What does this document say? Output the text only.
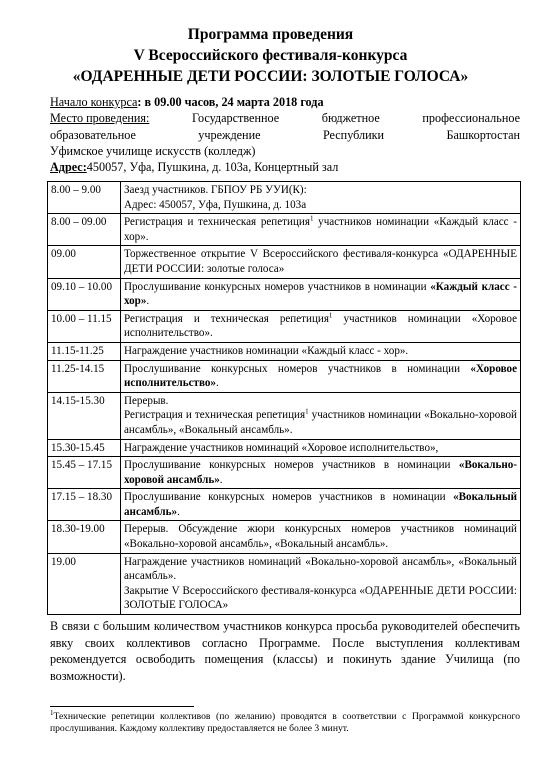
Программа проведения
V Всероссийского фестиваля-конкурса
«ОДАРЕННЫЕ ДЕТИ РОССИИ: ЗОЛОТЫЕ ГОЛОСА»
Начало конкурса: в 09.00 часов, 24 марта 2018 года
Место проведения:	Государственное	бюджетное	профессиональное
образовательное	учреждение	Республики	Башкортостан
Уфимское училище искусств (колледж)
Адрес:450057, Уфа, Пушкина, д. 103а, Концертный зал
8.00 – 9.00	Заезд участников. ГБПОУ РБ УУИ(К):
Адрес: 450057, Уфа, Пушкина, д. 103а

8.00 – 09.00	Регистрация и техническая репетиция$^1$ участников номинации «Каждый класс - хор».
09.00	Торжественное открытие V Всероссийского фестиваля-конкурса «ОДАРЕННЫЕ ДЕТИ РОССИИ: золотые голоса»
09.10 – 10.00	Прослушивание конкурсных номеров участников в номинации «Каждый класс - хор».
10.00 – 11.15	Регистрация и техническая репетиция$^1$ участников номинации «Хоровое исполнительство».
11.15-11.25	Награждение участников номинации «Каждый класс - хор».
11.25-14.15	Прослушивание конкурсных номеров участников в номинации «Хоровое исполнительство».
14.15-15.30	Перерыв.
Регистрация и техническая репетиция$^1$ участников номинации «Вокально-хоровой ансамбль», «Вокальный ансамбль».

15.30-15.45	Награждение участников номинаций «Хоровое исполнительство»,
15.45 – 17.15	Прослушивание конкурсных номеров участников в номинации «Вокально-хоровой ансамбль».
17.15 – 18.30	Прослушивание конкурсных номеров участников в номинации «Вокальный ансамбль».
18.30-19.00	Перерыв. Обсуждение жюри конкурсных номеров участников номинаций «Вокально-хоровой ансамбль», «Вокальный ансамбль».
19.00	Награждение участников номинаций «Вокально-хоровой ансамбль», «Вокальный ансамбль».
Закрытие V Всероссийского фестиваля-конкурса «ОДАРЕННЫЕ ДЕТИ РОССИИ: ЗОЛОТЫЕ ГОЛОСА»
В связи с большим количеством участников конкурса просьба руководителей обеспечить явку своих коллективов согласно Программе. После выступления коллективам рекомендуется освободить помещения (классы) и покинуть здание Училища (по возможности).
$^1$Технические репетиции коллективов (по желанию) проводятся в соответствии с Программой конкурсного прослушивания. Каждому коллективу предоставляется не более 3 минут.
